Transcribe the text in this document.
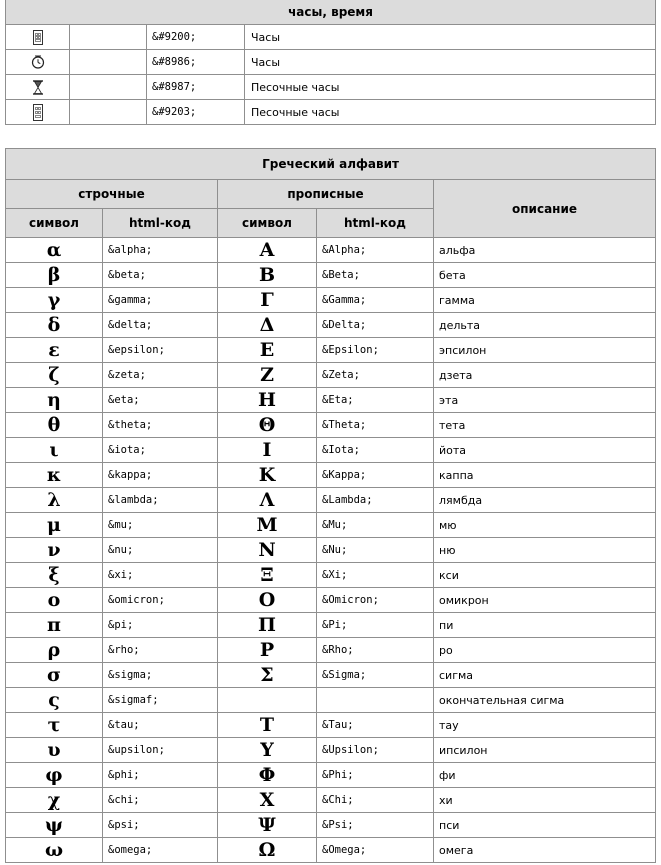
часы, время			
		&#9200;	Часы
		&#8986;	Часы
		&#8987;	Песочные часы
		&#9203;	Песочные часы
Греческий алфавит				
строчные		прописные		описание
символ	html-код	символ	html-код	
α	&alpha;	Α	&Alpha;	альфа
β	&beta;	Β	&Beta;	бета
γ	&gamma;	Γ	&Gamma;	гамма
δ	&delta;	Δ	&Delta;	дельта
ε	&epsilon;	Ε	&Epsilon;	эпсилон
ζ	&zeta;	Ζ	&Zeta;	дзета
η	&eta;	Η	&Eta;	эта
θ	&theta;	Θ	&Theta;	тета
ι	&iota;	Ι	&Iota;	йота
κ	&kappa;	Κ	&Kappa;	каппа
λ	&lambda;	Λ	&Lambda;	лямбда
μ	&mu;	Μ	&Mu;	мю
ν	&nu;	Ν	&Nu;	ню
ξ	&xi;	Ξ	&Xi;	кси
ο	&omicron;	Ο	&Omicron;	омикрон
π	&pi;	Π	&Pi;	пи
ρ	&rho;	Ρ	&Rho;	ро
σ	&sigma;	Σ	&Sigma;	сигма
ς	&sigmaf;			окончательная сигма
τ	&tau;	Τ	&Tau;	тау
υ	&upsilon;	Υ	&Upsilon;	ипсилон
φ	&phi;	Φ	&Phi;	фи
χ	&chi;	Χ	&Chi;	хи
ψ	&psi;	Ψ	&Psi;	пси
ω	&omega;	Ω	&Omega;	омега
